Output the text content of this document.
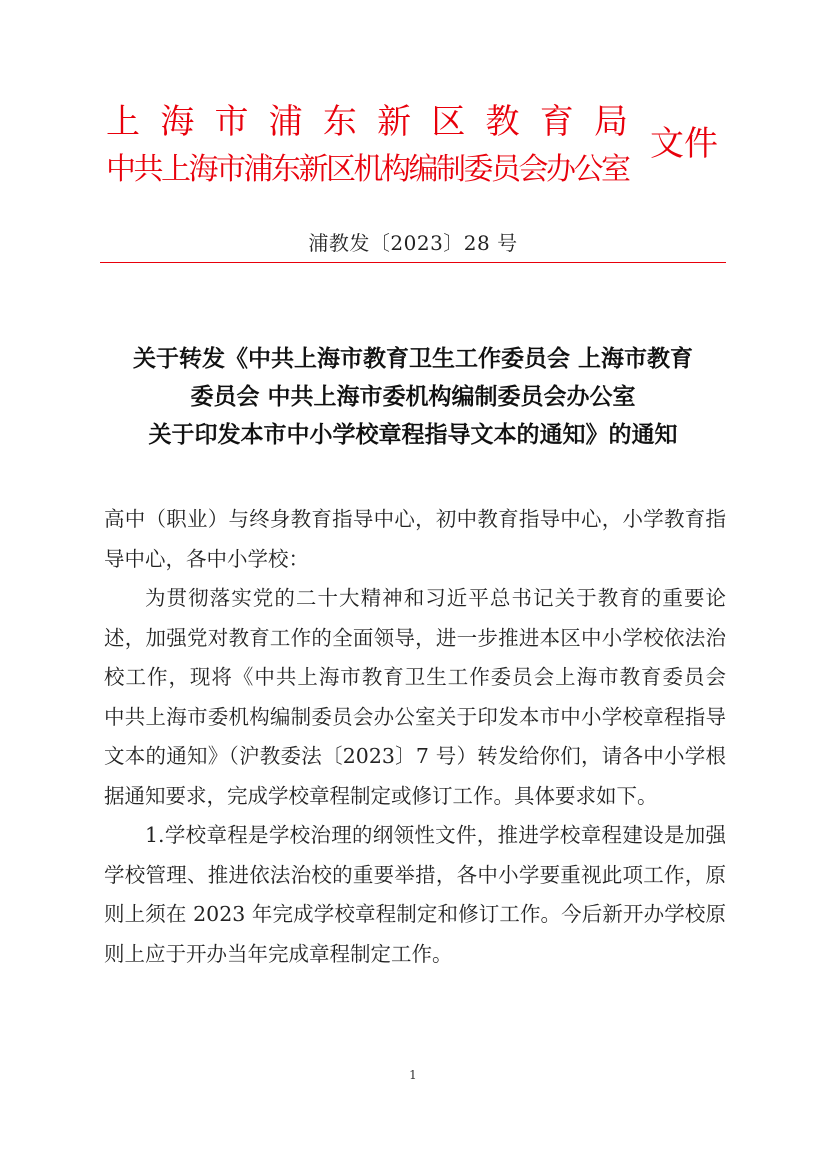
上 海 市 浦 东 新 区 教 育 局
中共上海市浦东新区机构编制委员会办公室
文件
浦教发〔2023〕28 号
关于转发《中共上海市教育卫生工作委员会 上海市教育
委员会 中共上海市委机构编制委员会办公室
关于印发本市中小学校章程指导文本的通知》的通知

高中（职业）与终身教育指导中心，初中教育指导中心，小学教育指导中心，各中小学校：

为贯彻落实党的二十大精神和习近平总书记关于教育的重要论述，加强党对教育工作的全面领导，进一步推进本区中小学校依法治校工作，现将《中共上海市教育卫生工作委员会上海市教育委员会　中共上海市委机构编制委员会办公室关于印发本市中小学校章程指导文本的通知》（沪教委法〔2023〕7 号）转发给你们，请各中小学根据通知要求，完成学校章程制定或修订工作。具体要求如下。

1.学校章程是学校治理的纲领性文件，推进学校章程建设是加强学校管理、推进依法治校的重要举措，各中小学要重视此项工作，原则上须在 2023 年完成学校章程制定和修订工作。今后新开办学校原则上应于开办当年完成章程制定工作。

1
